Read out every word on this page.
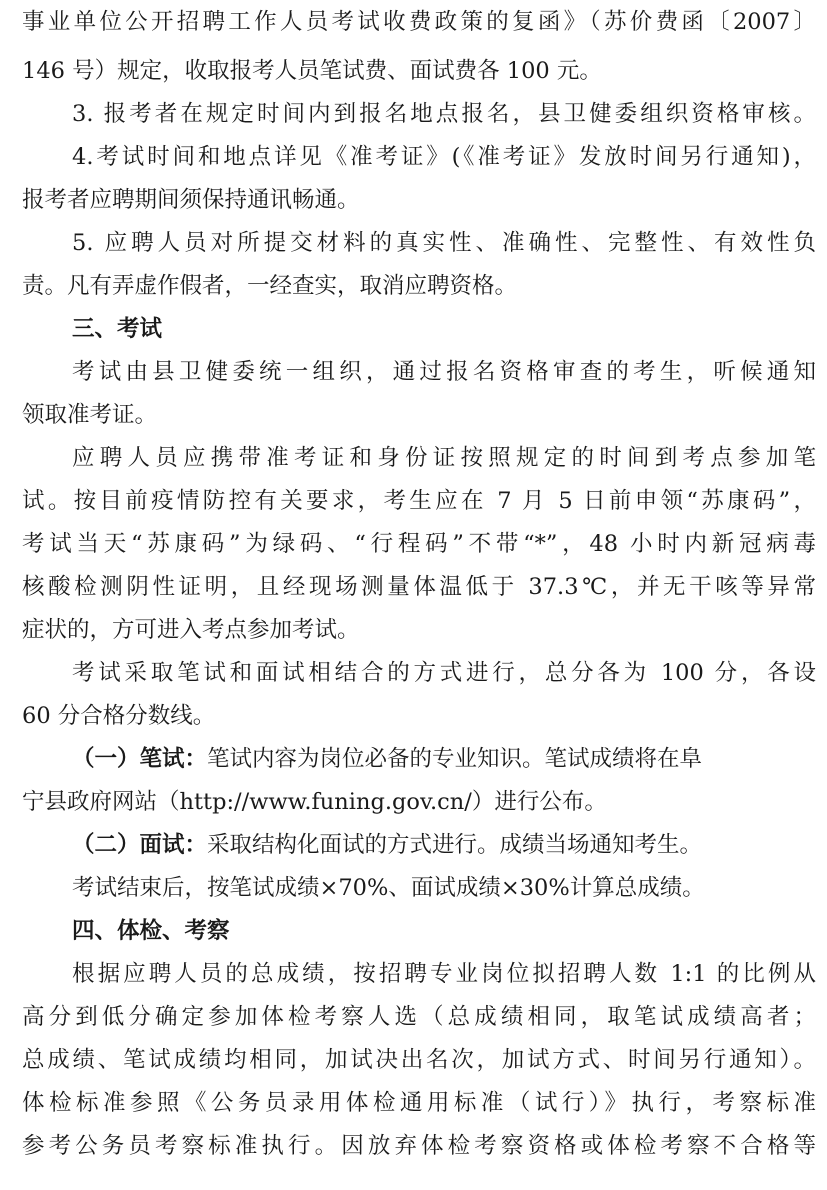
事业单位公开招聘工作人员考试收费政策的复函》（苏价费函〔2007〕
146 号）规定，收取报考人员笔试费、面试费各 100 元。
3. 报考者在规定时间内到报名地点报名，县卫健委组织资格审核。
4.考试时间和地点详见《准考证》(《准考证》发放时间另行通知)，
报考者应聘期间须保持通讯畅通。
5. 应聘人员对所提交材料的真实性、准确性、完整性、有效性负
责。凡有弄虚作假者，一经查实，取消应聘资格。
三、考试
考试由县卫健委统一组织，通过报名资格审查的考生，听候通知
领取准考证。
应聘人员应携带准考证和身份证按照规定的时间到考点参加笔
试。按目前疫情防控有关要求，考生应在 7 月 5 日前申领“苏康码”，
考试当天“苏康码”为绿码、“行程码”不带“*”，48 小时内新冠病毒
核酸检测阴性证明，且经现场测量体温低于 37.3℃，并无干咳等异常
症状的，方可进入考点参加考试。
考试采取笔试和面试相结合的方式进行，总分各为 100 分，各设
60 分合格分数线。
（一）笔试：笔试内容为岗位必备的专业知识。笔试成绩将在阜
宁县政府网站（http://www.funing.gov.cn/）进行公布。
（二）面试：采取结构化面试的方式进行。成绩当场通知考生。
考试结束后，按笔试成绩×70%、面试成绩×30%计算总成绩。
四、体检、考察
根据应聘人员的总成绩，按招聘专业岗位拟招聘人数 1:1 的比例从
高分到低分确定参加体检考察人选（总成绩相同，取笔试成绩高者；
总成绩、笔试成绩均相同，加试决出名次，加试方式、时间另行通知）。
体检标准参照《公务员录用体检通用标准（试行）》执行，考察标准
参考公务员考察标准执行。因放弃体检考察资格或体检考察不合格等
